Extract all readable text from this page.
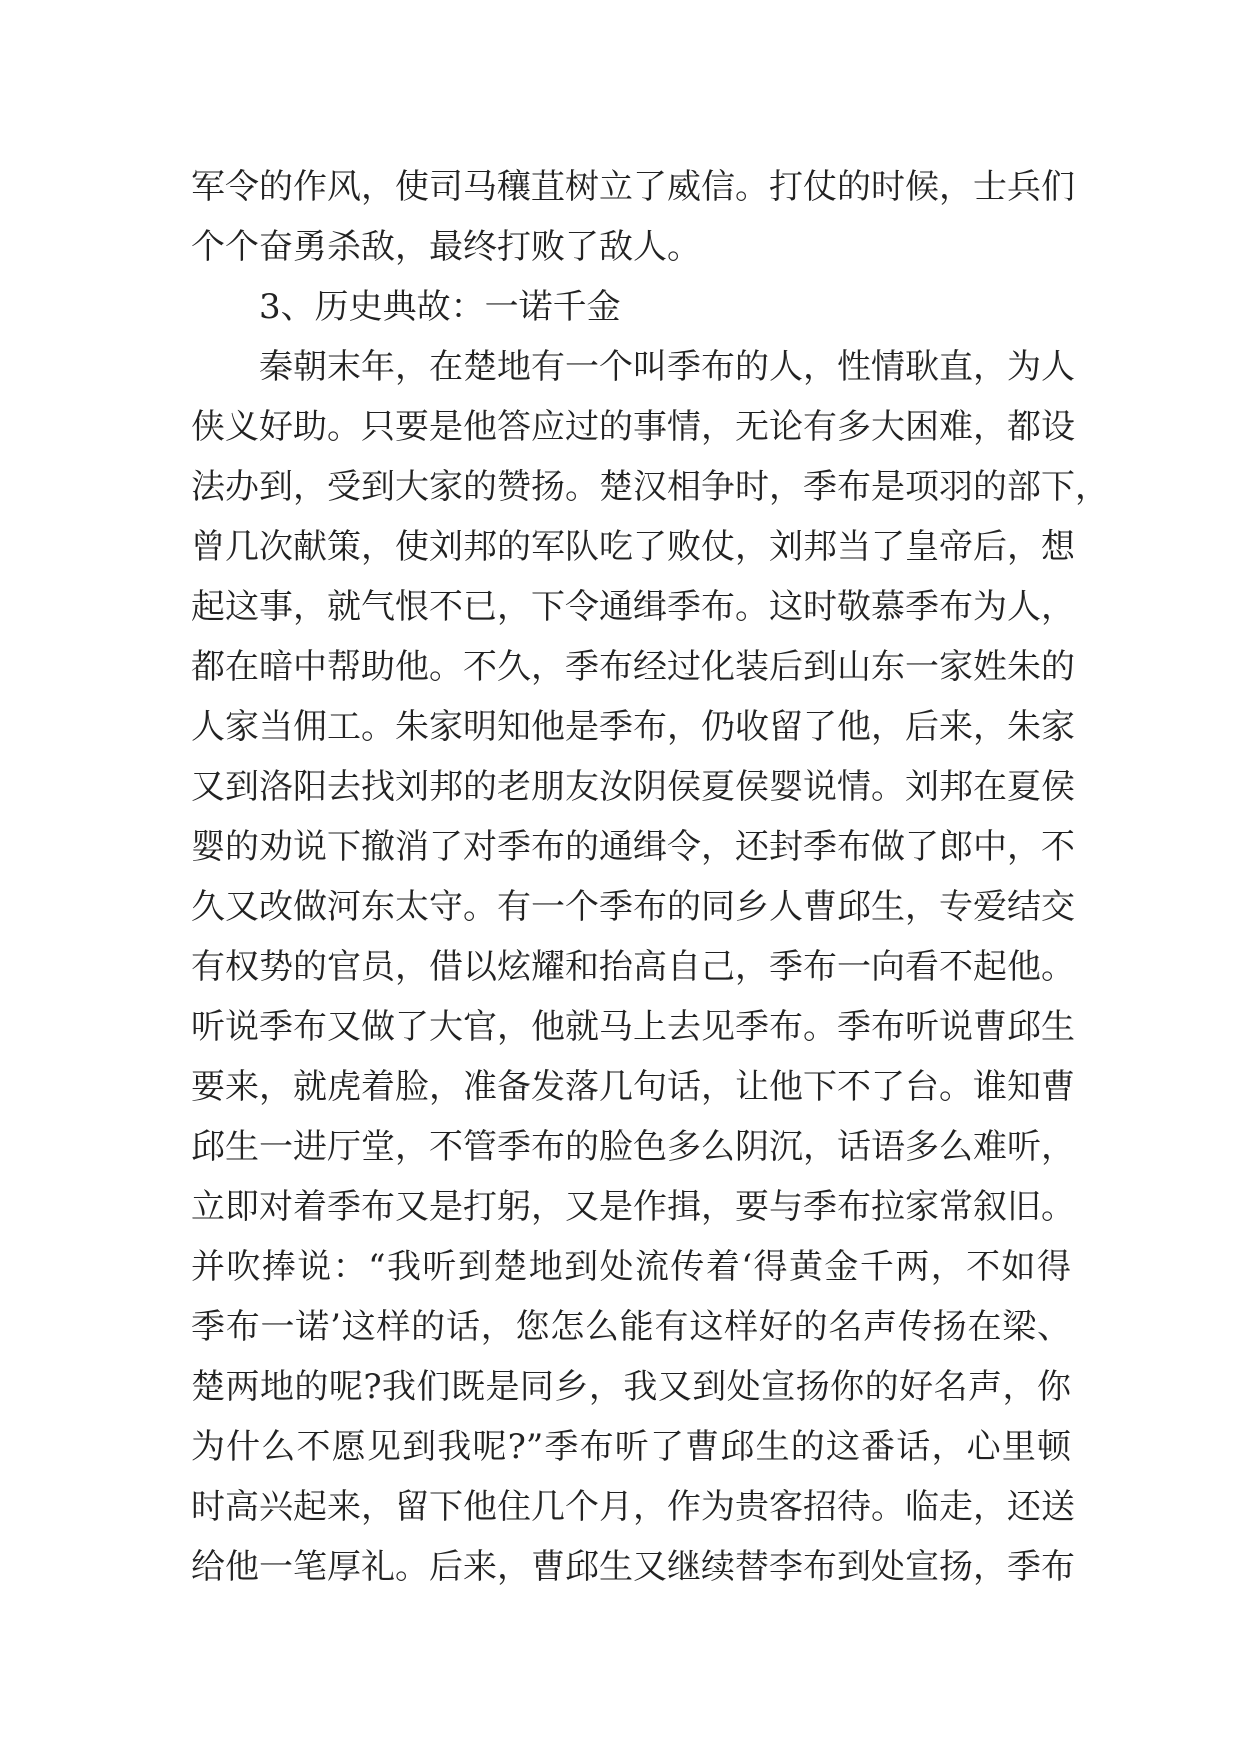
军令的作风，使司马穰苴树立了威信。打仗的时候，士兵们
个个奋勇杀敌，最终打败了敌人。
3、历史典故：一诺千金
秦朝末年，在楚地有一个叫季布的人，性情耿直，为人
侠义好助。只要是他答应过的事情，无论有多大困难，都设
法办到，受到大家的赞扬。楚汉相争时，季布是项羽的部下，
曾几次献策，使刘邦的军队吃了败仗，刘邦当了皇帝后，想
起这事，就气恨不已，下令通缉季布。这时敬慕季布为人，
都在暗中帮助他。不久，季布经过化装后到山东一家姓朱的
人家当佣工。朱家明知他是季布，仍收留了他，后来，朱家
又到洛阳去找刘邦的老朋友汝阴侯夏侯婴说情。刘邦在夏侯
婴的劝说下撤消了对季布的通缉令，还封季布做了郎中，不
久又改做河东太守。有一个季布的同乡人曹邱生，专爱结交
有权势的官员，借以炫耀和抬高自己，季布一向看不起他。
听说季布又做了大官，他就马上去见季布。季布听说曹邱生
要来，就虎着脸，准备发落几句话，让他下不了台。谁知曹
邱生一进厅堂，不管季布的脸色多么阴沉，话语多么难听，
立即对着季布又是打躬，又是作揖，要与季布拉家常叙旧。
并吹捧说：“我听到楚地到处流传着‘得黄金千两，不如得
季布一诺’这样的话，您怎么能有这样好的名声传扬在梁、
楚两地的呢?我们既是同乡，我又到处宣扬你的好名声，你
为什么不愿见到我呢?”季布听了曹邱生的这番话，心里顿
时高兴起来，留下他住几个月，作为贵客招待。临走，还送
给他一笔厚礼。后来，曹邱生又继续替李布到处宣扬，季布
